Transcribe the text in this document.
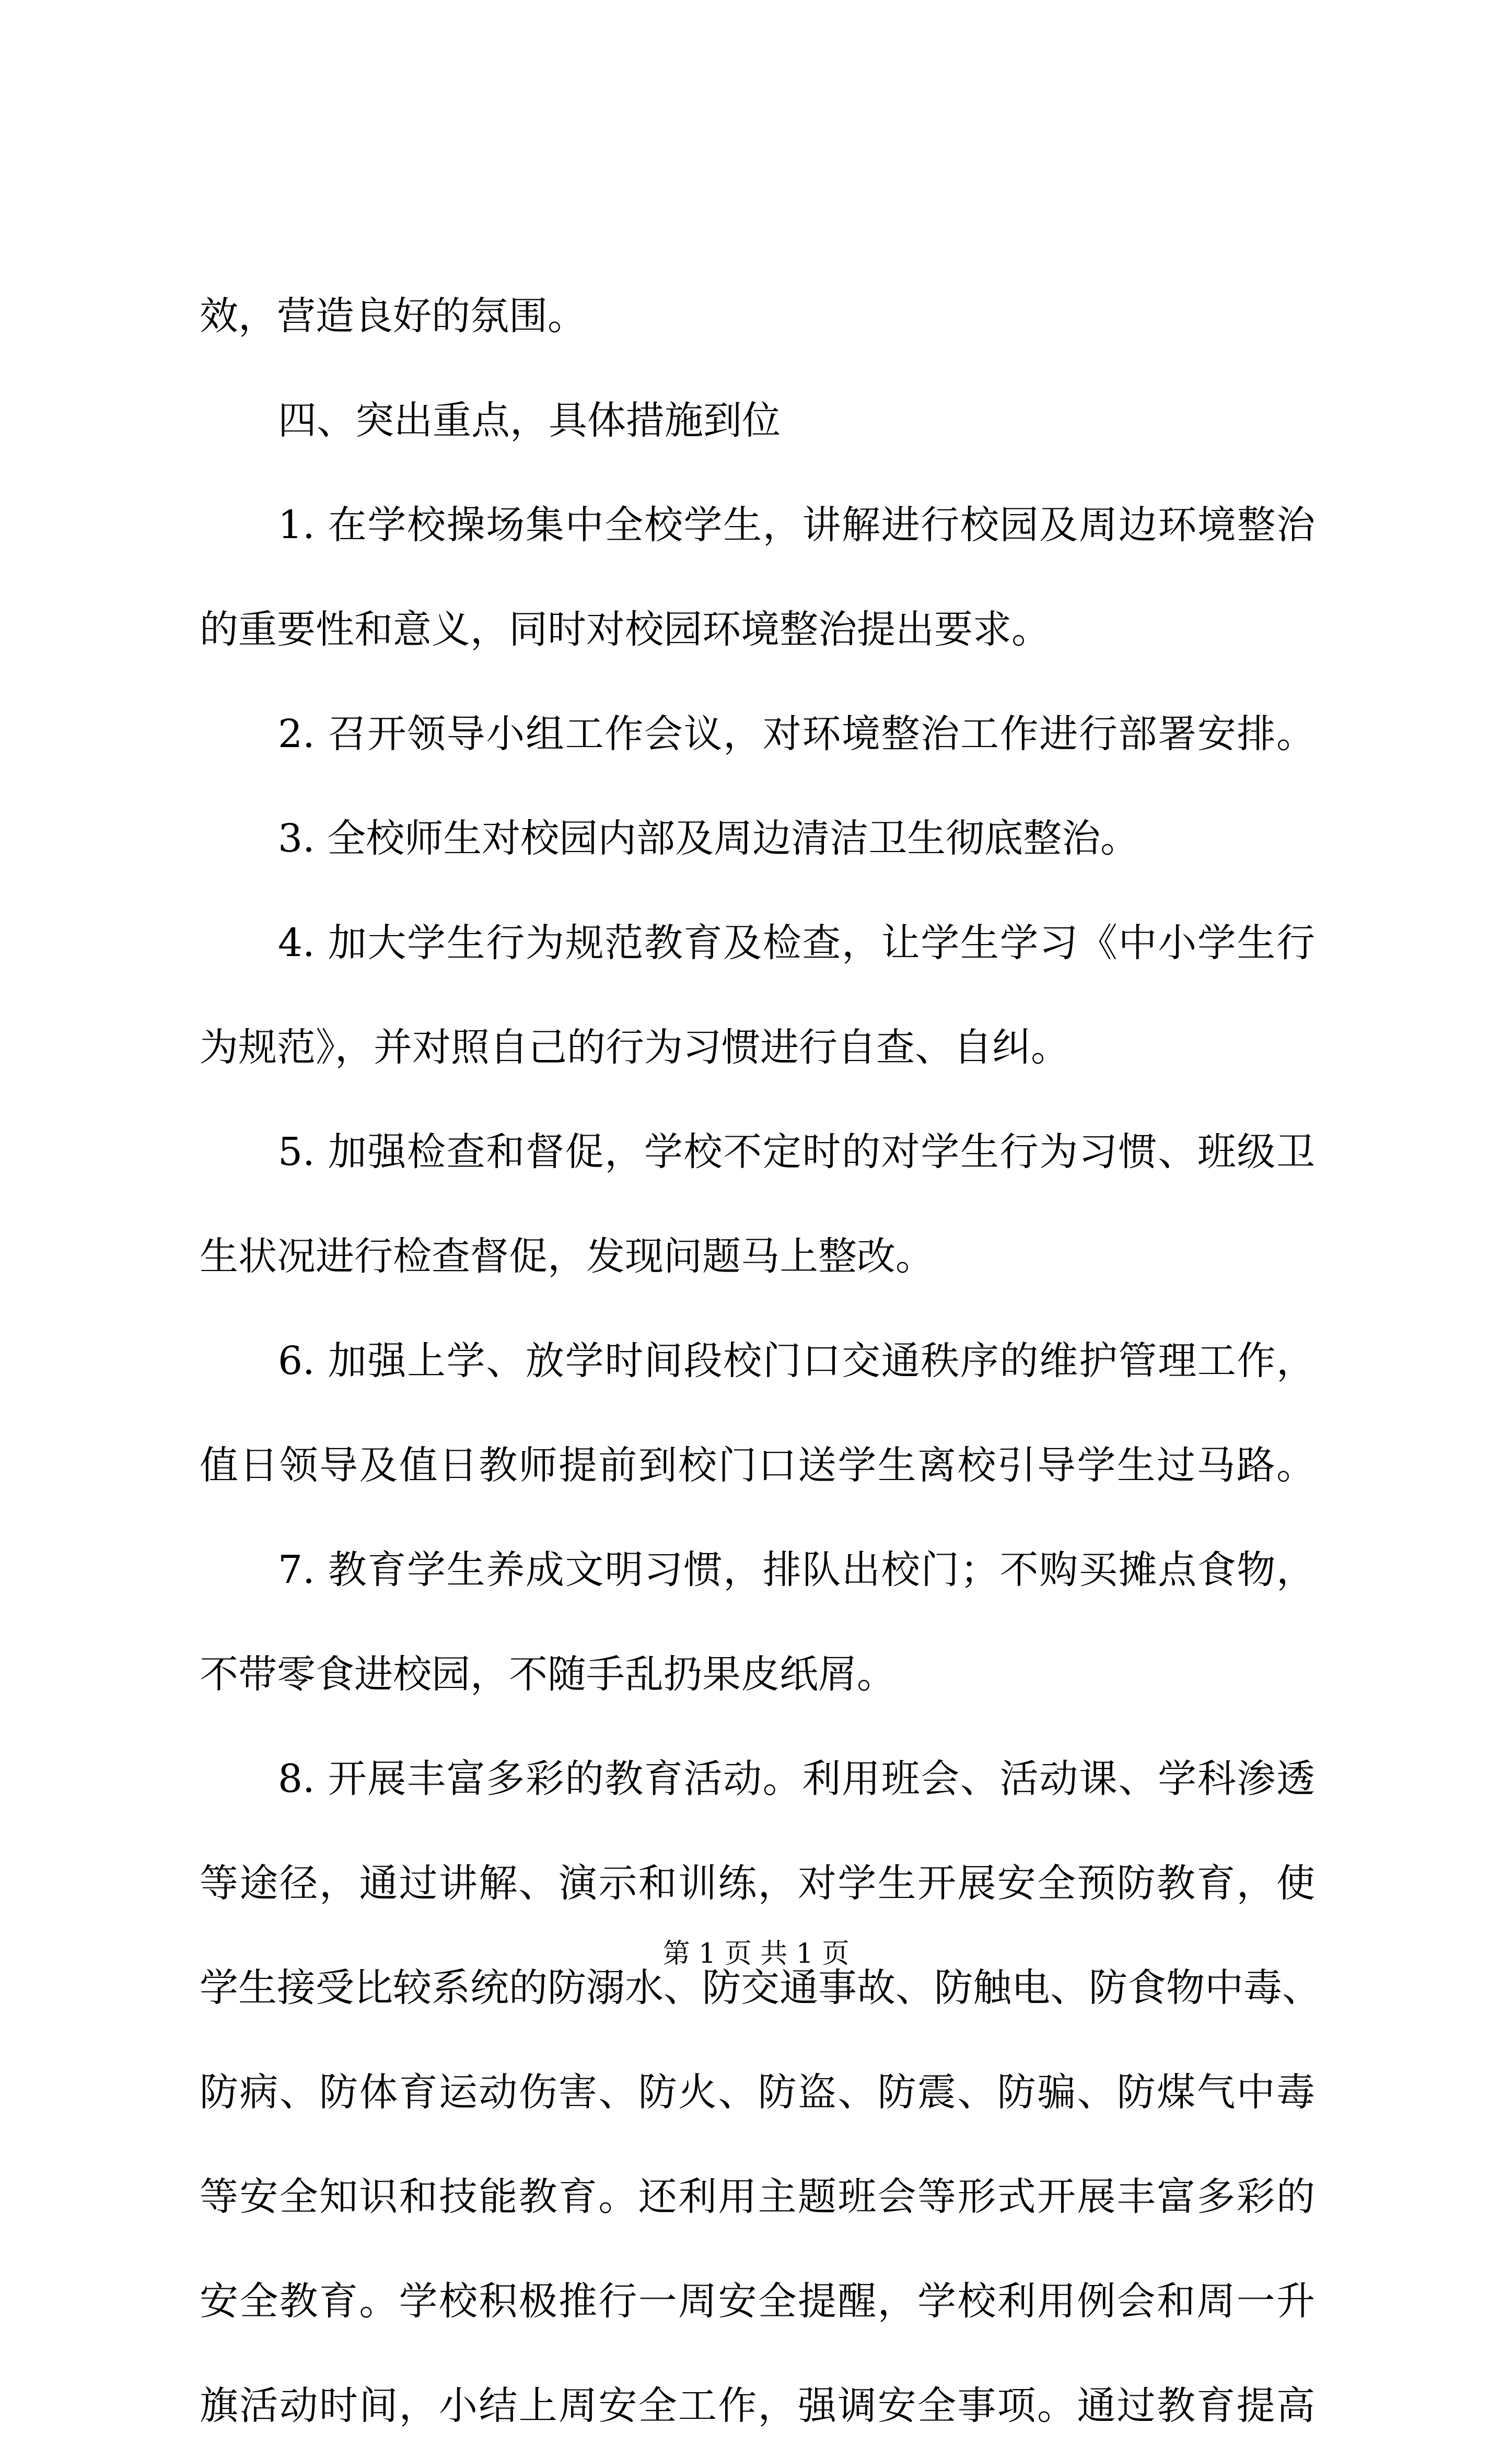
效，营造良好的氛围。
四、突出重点，具体措施到位
1. 在学校操场集中全校学生，讲解进行校园及周边环境整治
的重要性和意义，同时对校园环境整治提出要求。
2. 召开领导小组工作会议，对环境整治工作进行部署安排。
3. 全校师生对校园内部及周边清洁卫生彻底整治。
4. 加大学生行为规范教育及检查，让学生学习《中小学生行
为规范》，并对照自己的行为习惯进行自查、自纠。
5. 加强检查和督促，学校不定时的对学生行为习惯、班级卫
生状况进行检查督促，发现问题马上整改。
6. 加强上学、放学时间段校门口交通秩序的维护管理工作，
值日领导及值日教师提前到校门口送学生离校引导学生过马路。
7. 教育学生养成文明习惯，排队出校门；不购买摊点食物，
不带零食进校园，不随手乱扔果皮纸屑。
8. 开展丰富多彩的教育活动。利用班会、活动课、学科渗透
等途径，通过讲解、演示和训练，对学生开展安全预防教育，使
学生接受比较系统的防溺水、防交通事故、防触电、防食物中毒、
防病、防体育运动伤害、防火、防盗、防震、防骗、防煤气中毒
等安全知识和技能教育。还利用主题班会等形式开展丰富多彩的
安全教育。学校积极推行一周安全提醒，学校利用例会和周一升
旗活动时间，小结上周安全工作，强调安全事项。通过教育提高
第 1 页 共 1 页
